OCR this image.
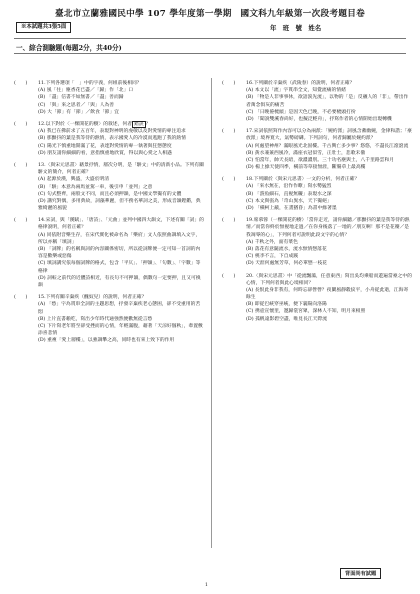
臺北市立蘭雅國民中學 107 學年度第一學期　國文科九年級第一次段考題目卷
※本試題共3張5面	年　班　號　姓名
一、綜合測驗題(每題2分，共40分)
(　　)	11.下列各選項「　」中的字義，何組前後相同？
(A) 風「往」塵香花已盡／「歸」作「北」口
(B) 「盡」信書不如無書／「盡」善而歸
(C) 「與」來之思者／「與」人為善
(D) 大「節」有「節」／飲食「節」宜
(　　)	12.以下對於〈一棵開花的樹〉的敘述，何者 錯誤 ？
(A) 我已在佛前求了五百年，表現對神明的虔敬以及對愛情的專注追求
(B) 那顫抖的葉是我等待的熱情，表示國愛人的冷漠而逃跑了我的熱情
(C) 陽光下慎重地開滿了花，表達對愛情的專一執著與狂戀態度
(D) 朋友請你細細的看，意指慎重地欣賞，得以與心愛之人相遇
(　　)	13.〈與宋元思書〉藉景抒情，層次分明，是「駢文」中的清新小品。下列有關駢文的簡介，何者正確？
(A) 起源於漢，興盛，大盛於明清
(B) 「駢」本意為兩馬並駕一車，後引申「並列」之意
(C) 句式整齊，兩股文不同，而且必須押韻，是中國文學獨有的文體
(D) 講究對偶，多用典故，詞藻華麗，但不務名華詞之美，形成音韻鏗鏘，典雅綺麗的風貌
(　　)	14.宋詞，與「漢賦」、「唐詩」、「元曲」並列中國四大韻文，下述有關「詞」的格律說明，何者正確？
(A) 同依附音樂生存，在宋代實化被命名為「樂府」文人依照曲調填入文字，所以亦稱「填詞」
(B) 「詞牌」的名稱與詞的內容關係密切，所以從詞牌便一定可知一首詞的內容是歡樂或惡傷
(C) 填詞講究依每個詞牌的格式，包含「平仄」、「押韻」、「句數」、「字數」等格律
(D) 詞較之前代的近體詩相近，有長句不可押韻，偶數句一定要押，且又可換韻
(　　)	15.下列有關辛棄疾（醜奴兒）的說明，何者正確？
(A) 「愁」字為貫串全詞的主題思想，抒發辛棄疾老心態困，卻不受重用的苦悶
(B) 上片直書賴吃，寫出少年時代通強然便歡無從言愁
(C) 下片寫老年將至卻受挫而的心情，年輕滿腹，藉著「天涼好個秋」，牽置敷添喜悲情
(D) 重複「愛上層樓」，以強調攀之高，同時也有來上致下的作用
(　　)	16.下列關於辛棄疾（武陵春）的說明，何者正確？
(A) 本文以「流」字貫串全文，知覺流痛的情緒
(B) 「物是人非事事休，欲語淚先流」，以物的「是」反襯人的「非」，帶出作者萬念俱灰的痛苦
(C) 「日晚倦梳頭」是因天色已晚，不必要梳頭打扮
(D) 「聞說雙溪春尚好，也擬泛輕舟」，抒寫作者的心情開始出現轉機
(　　)	17.宋詞依照寫作內容可以分為兩派：「婉約派」詞風含蓄幽婉，金律和諧；「豪放派」境界寬大，氣勢磅礴。下列詞句，何者歸屬於婉約派？
(A) 何處望神州？滿眼風光北固樓。千古興亡多少事？悠悠，不盡長江滾滾流
(B) 黃水兼兼西風冷，滿座衣冠似雪，正壯士，悲歌未徹
(C) 怕當年，帥天長暗，欲濃濃別。三十功名塵與土，八千里路雲和月
(D) 楊上綠天使四季，橫前等草接無涯，斷腸草上最高樓
(　　)	18.下列關於〈與宋元思書〉一文的分析，何者正確？
(A) 「來水無在，沿作作瞭」寫水勢猛烈
(B) 「游魚細石，直視無礙」表現水之深
(C) 本文與張為「奇山異水，天下獨絕」
(D) 「橫柯上蔽，在晝猶昏」為書中綠著墨
(　　)	19.席慕蓉（一棵開花的樹）「當你走近，請你細聽／那顫抖的葉是我等待的熱情／而當你終於無視地走過／在你身後落了一地的／朋友啊！那不是花瓣／是我凋零的心」，下列何者可說明此段文字的心情？
(A) 千秋之外，面有菜色
(B) 落花有意隨流水，流水無情戀落花
(C) 桃李不言，下自成蹊
(D) 天涯何處無芳草，何必單戀一枝花
(　　)	20.〈與宋元思書〉中「從流飄蕩，任意東西」寫出吳均乘船而遊遍當豪之中的心情，下列何者與此心境相同？
(A) 長恨此身非我有，何時忘卻營營？夜闌風靜縠紋平，小舟從此逝，江海寄餘生
(B) 即從巴峽穿巫峽，便下襄陽向洛陽
(C) 携壺宣懷里，邀歸裳宮眾，深林人不知，明月來相照
(D) 孤帆遠影碧空盡，唯見長江天際流
背面尚有試題
1
